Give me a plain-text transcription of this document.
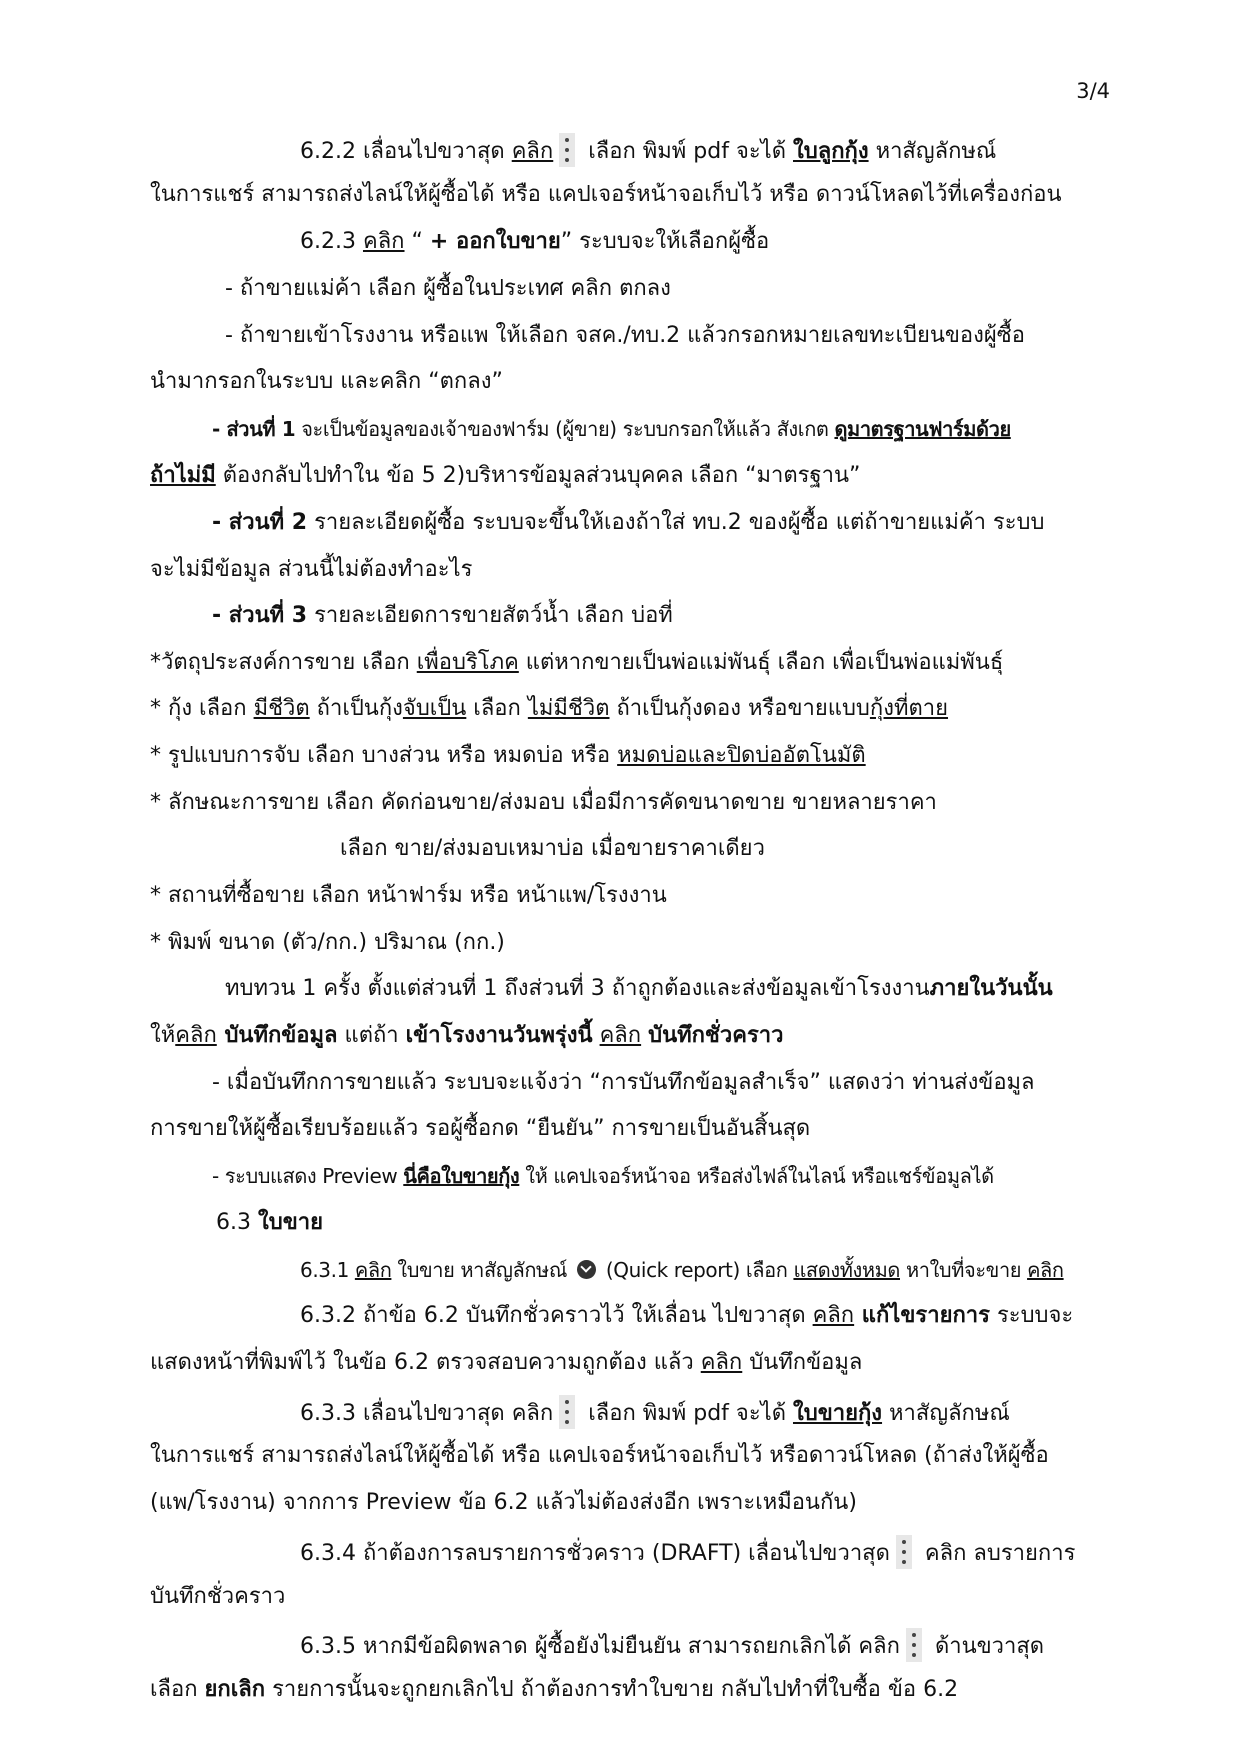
3/4
6.2.2 เลื่อนไปขวาสุด คลิก เลือก พิมพ์ pdf จะได้ ใบลูกกุ้ง หาสัญลักษณ์
ในการแชร์ สามารถส่งไลน์ให้ผู้ซื้อได้ หรือ แคปเจอร์หน้าจอเก็บไว้ หรือ ดาวน์โหลดไว้ที่เครื่องก่อน
6.2.3 คลิก “ + ออกใบขาย” ระบบจะให้เลือกผู้ซื้อ
- ถ้าขายแม่ค้า เลือก ผู้ซื้อในประเทศ คลิก ตกลง
- ถ้าขายเข้าโรงงาน หรือแพ ให้เลือก จสค./ทบ.2 แล้วกรอกหมายเลขทะเบียนของผู้ซื้อ
นำมากรอกในระบบ และคลิก “ตกลง”
- ส่วนที่ 1 จะเป็นข้อมูลของเจ้าของฟาร์ม (ผู้ขาย) ระบบกรอกให้แล้ว สังเกต ดูมาตรฐานฟาร์มด้วย
ถ้าไม่มี ต้องกลับไปทำใน ข้อ 5 2)บริหารข้อมูลส่วนบุคคล เลือก “มาตรฐาน”
- ส่วนที่ 2 รายละเอียดผู้ซื้อ ระบบจะขึ้นให้เองถ้าใส่ ทบ.2 ของผู้ซื้อ แต่ถ้าขายแม่ค้า ระบบ
จะไม่มีข้อมูล ส่วนนี้ไม่ต้องทำอะไร
- ส่วนที่ 3 รายละเอียดการขายสัตว์น้ำ เลือก บ่อที่
*วัตถุประสงค์การขาย เลือก เพื่อบริโภค แต่หากขายเป็นพ่อแม่พันธุ์ เลือก เพื่อเป็นพ่อแม่พันธุ์
* กุ้ง เลือก มีชีวิต ถ้าเป็นกุ้งจับเป็น เลือก ไม่มีชีวิต ถ้าเป็นกุ้งดอง หรือขายแบบกุ้งที่ตาย
* รูปแบบการจับ เลือก บางส่วน หรือ หมดบ่อ หรือ หมดบ่อและปิดบ่ออัตโนมัติ
* ลักษณะการขาย เลือก คัดก่อนขาย/ส่งมอบ เมื่อมีการคัดขนาดขาย ขายหลายราคา
เลือก ขาย/ส่งมอบเหมาบ่อ เมื่อขายราคาเดียว
* สถานที่ซื้อขาย เลือก หน้าฟาร์ม หรือ หน้าแพ/โรงงาน
* พิมพ์ ขนาด (ตัว/กก.) ปริมาณ (กก.)
ทบทวน 1 ครั้ง ตั้งแต่ส่วนที่ 1 ถึงส่วนที่ 3 ถ้าถูกต้องและส่งข้อมูลเข้าโรงงานภายในวันนั้น
ให้คลิก บันทึกข้อมูล แต่ถ้า เข้าโรงงานวันพรุ่งนี้ คลิก บันทึกชั่วคราว
- เมื่อบันทึกการขายแล้ว ระบบจะแจ้งว่า “การบันทึกข้อมูลสำเร็จ” แสดงว่า ท่านส่งข้อมูล
การขายให้ผู้ซื้อเรียบร้อยแล้ว รอผู้ซื้อกด “ยืนยัน” การขายเป็นอันสิ้นสุด
- ระบบแสดง Preview นี่คือใบขายกุ้ง ให้ แคปเจอร์หน้าจอ หรือส่งไฟล์ในไลน์ หรือแชร์ข้อมูลได้
6.3 ใบขาย
6.3.1 คลิก ใบขาย หาสัญลักษณ์  (Quick report) เลือก แสดงทั้งหมด หาใบที่จะขาย คลิก
6.3.2 ถ้าข้อ 6.2 บันทึกชั่วคราวไว้ ให้เลื่อน ไปขวาสุด คลิก แก้ไขรายการ ระบบจะ
แสดงหน้าที่พิมพ์ไว้ ในข้อ 6.2 ตรวจสอบความถูกต้อง แล้ว คลิก บันทึกข้อมูล
6.3.3 เลื่อนไปขวาสุด คลิก เลือก พิมพ์ pdf จะได้ ใบขายกุ้ง หาสัญลักษณ์
ในการแชร์ สามารถส่งไลน์ให้ผู้ซื้อได้ หรือ แคปเจอร์หน้าจอเก็บไว้ หรือดาวน์โหลด (ถ้าส่งให้ผู้ซื้อ
(แพ/โรงงาน) จากการ Preview ข้อ 6.2 แล้วไม่ต้องส่งอีก เพราะเหมือนกัน)
6.3.4 ถ้าต้องการลบรายการชั่วคราว (DRAFT) เลื่อนไปขวาสุด คลิก ลบรายการ
บันทึกชั่วคราว
6.3.5 หากมีข้อผิดพลาด ผู้ซื้อยังไม่ยืนยัน สามารถยกเลิกได้ คลิก ด้านขวาสุด
เลือก ยกเลิก รายการนั้นจะถูกยกเลิกไป ถ้าต้องการทำใบขาย กลับไปทำที่ใบซื้อ ข้อ 6.2
